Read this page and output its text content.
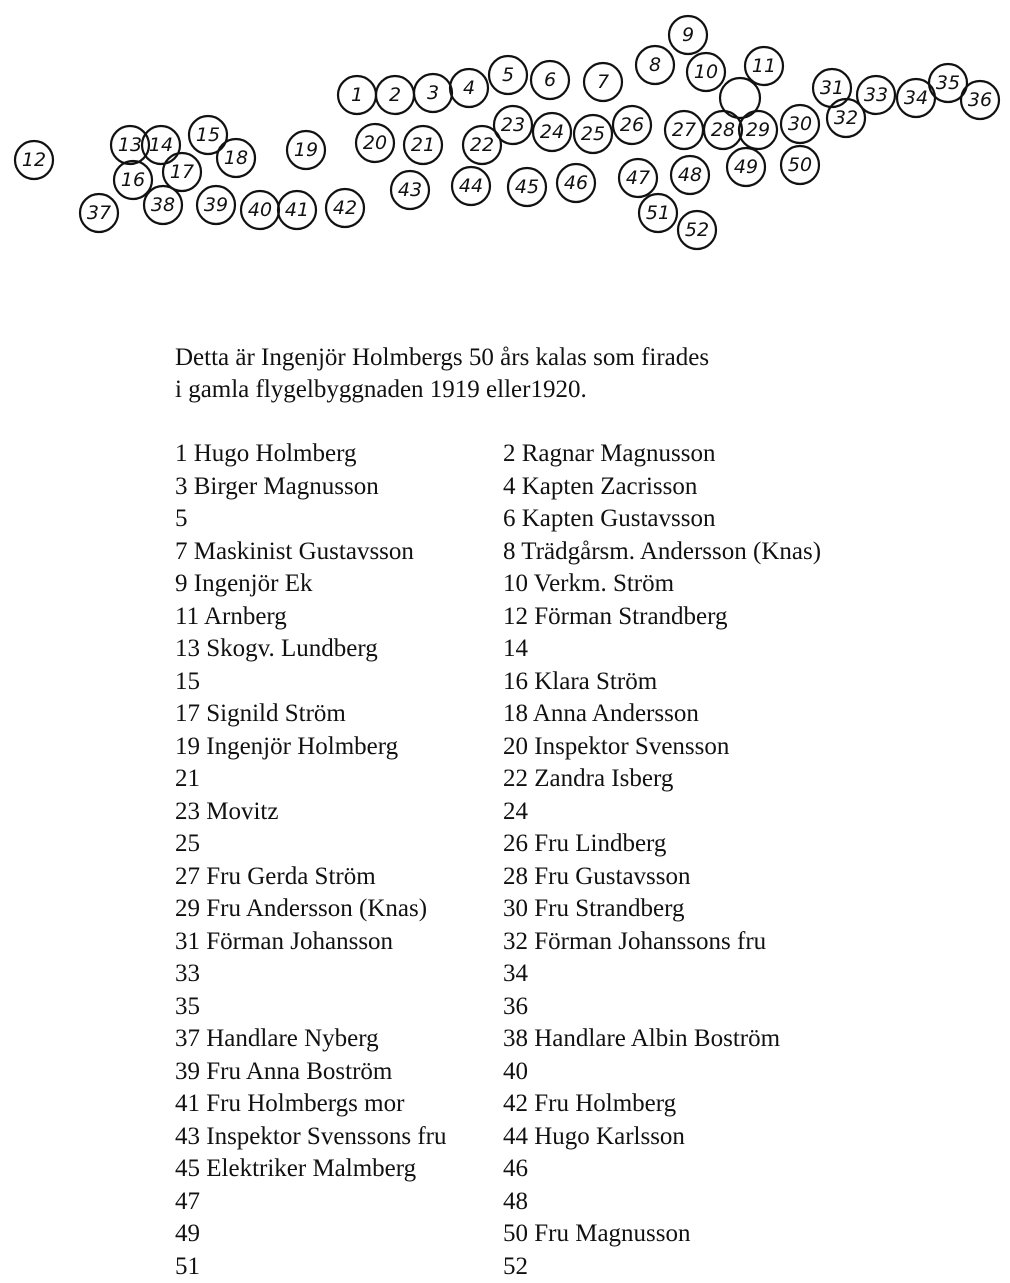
1 2 3 4
5 6 7
8
9
10 11
12
13 14 15
16 17
18 19 20 21 22
23 24 25 26 27 28 29 30
31
32
33 34
35
36
37 38 39 40 41 42
43 44 45 46 47 48 49 50
51
52
Detta är Ingenjör Holmbergs 50 års kalas som firades
i gamla flygelbyggnaden 1919 eller1920.
1 Hugo Holmberg
3 Birger Magnusson
5
7 Maskinist Gustavsson
9 Ingenjör Ek
11 Arnberg
13 Skogv. Lundberg
15
17 Signild Ström
19 Ingenjör Holmberg
21
23 Movitz
25
27 Fru Gerda Ström
29 Fru Andersson (Knas)
31 Förman Johansson
33
35
37 Handlare Nyberg
39 Fru Anna Boström
41 Fru Holmbergs mor
43 Inspektor Svenssons fru
45 Elektriker Malmberg
47
49
51
2 Ragnar Magnusson
4 Kapten Zacrisson
6 Kapten Gustavsson
8 Trädgårsm. Andersson (Knas)
10 Verkm. Ström
12 Förman Strandberg
14
16 Klara Ström
18 Anna Andersson
20 Inspektor Svensson
22 Zandra Isberg
24
26 Fru Lindberg
28 Fru Gustavsson
30 Fru Strandberg
32 Förman Johanssons fru
34
36
38 Handlare Albin Boström
40
42 Fru Holmberg
44 Hugo Karlsson
46
48
50 Fru Magnusson
52
